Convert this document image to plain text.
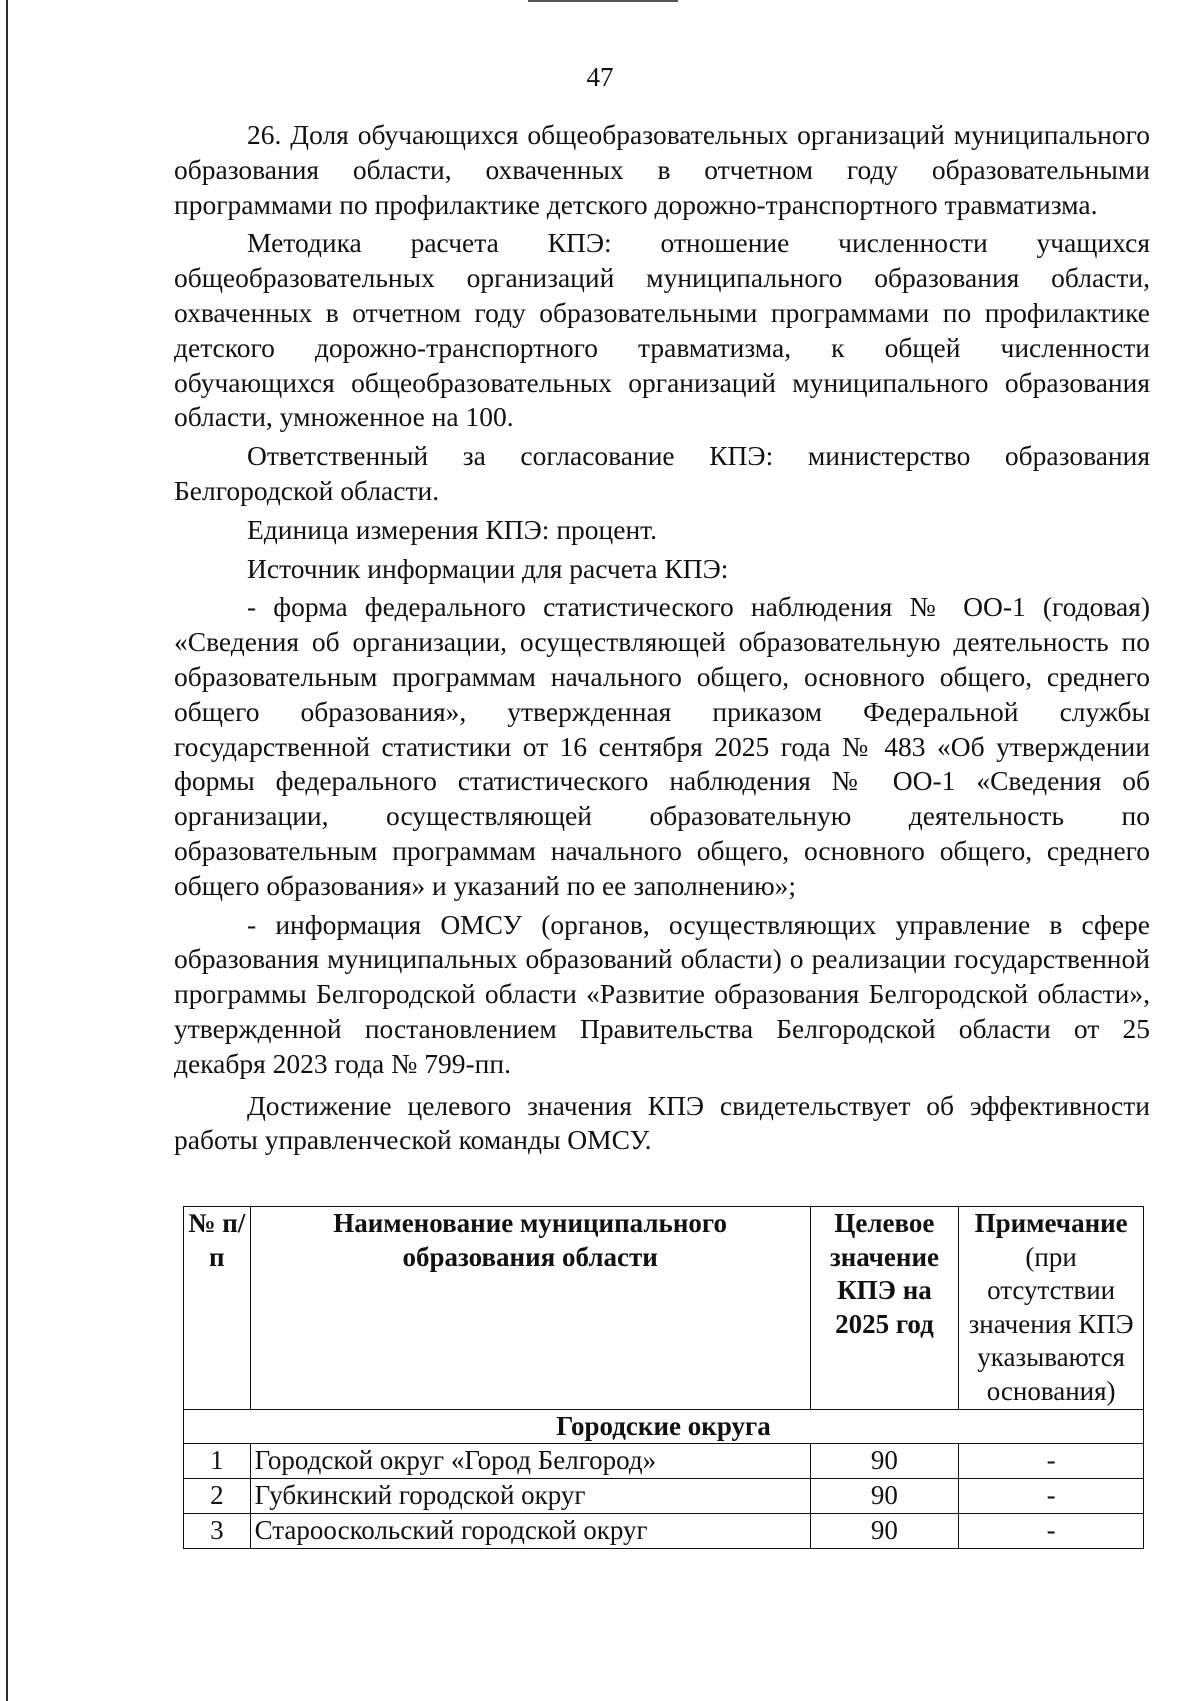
47

26. Доля обучающихся общеобразовательных организаций муниципального образования области, охваченных в отчетном году образовательными программами по профилактике детского дорожно-транспортного травматизма.

Методика расчета КПЭ: отношение численности учащихся общеобразовательных организаций муниципального образования области, охваченных в отчетном году образовательными программами по профилактике детского дорожно-транспортного травматизма, к общей численности обучающихся общеобразовательных организаций муниципального образования области, умноженное на 100.

Ответственный за согласование КПЭ: министерство образования Белгородской области.

Единица измерения КПЭ: процент.

Источник информации для расчета КПЭ:

- форма федерального статистического наблюдения № ОО-1 (годовая) «Сведения об организации, осуществляющей образовательную деятельность по образовательным программам начального общего, основного общего, среднего общего образования», утвержденная приказом Федеральной службы государственной статистики от 16 сентября 2025 года № 483 «Об утверждении формы федерального статистического наблюдения № ОО-1 «Сведения об организации, осуществляющей образовательную деятельность по образовательным программам начального общего, основного общего, среднего общего образования» и указаний по ее заполнению»;

- информация ОМСУ (органов, осуществляющих управление в сфере образования муниципальных образований области) о реализации государственной программы Белгородской области «Развитие образования Белгородской области», утвержденной постановлением Правительства Белгородской области от 25 декабря 2023 года № 799-пп.

Достижение целевого значения КПЭ свидетельствует об эффективности работы управленческой команды ОМСУ.

№ п/п	Наименование муниципального образования области	Целевое значение КПЭ на 2025 год	Примечание
(при отсутствии значения КПЭ указываются основания)
Городские округа			
1	Городской округ «Город Белгород»	90	-
2	Губкинский городской округ	90	-
3	Старооскольский городской округ	90	-
